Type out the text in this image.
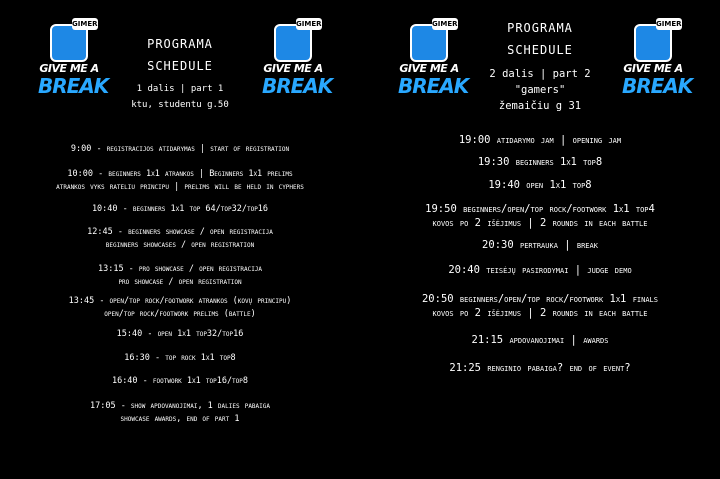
GIMERS
GIVE ME A
BREAK
GIMERS
GIVE ME A
BREAK
PROGRAMA
SCHEDULE
1 dalis | part 1
ktu, studentu g.50
9:00 - registracijos atidarymas | start of registration
10:00 - beginners 1x1 atrankos | Beginners 1x1 prelims
atrankos vyks rateliu principu | prelims will be held in cyphers
10:40 - beginners 1x1 top 64/top32/top16
12:45 - beginners showcase / open registracija
beginners showcases / open registration
13:15 - pro showcase / open registracija
pro showcase / open registration
13:45 - open/top rock/footwork atrankos (kovų principu)
open/top rock/footwork prelims (battle)
15:40 - open 1x1 top32/top16
16:30 - top rock 1x1 top8
16:40 - footwork 1x1 top16/top8
17:05 - show apdovanojimai, 1 dalies pabaiga
showcase awards, end of part 1
GIMERS
GIVE ME A
BREAK
GIMERS
GIVE ME A
BREAK
PROGRAMA
SCHEDULE
2 dalis | part 2
"gamers"
žemaičiu g 31
19:00 atidarymo jam | opening jam
19:30 beginners 1x1 top8
19:40 open 1x1 top8
19:50 beginners/open/top rock/footwork 1x1 top4
kovos po 2 išėjimus | 2 rounds in each battle
20:30 pertrauka | break
20:40 teisėjų pasirodymai | judge demo
20:50 beginners/open/top rock/footwork 1x1 finals
kovos po 2 išėjimus | 2 rounds in each battle
21:15 apdovanojimai | awards
21:25 renginio pabaiga? end of event?
